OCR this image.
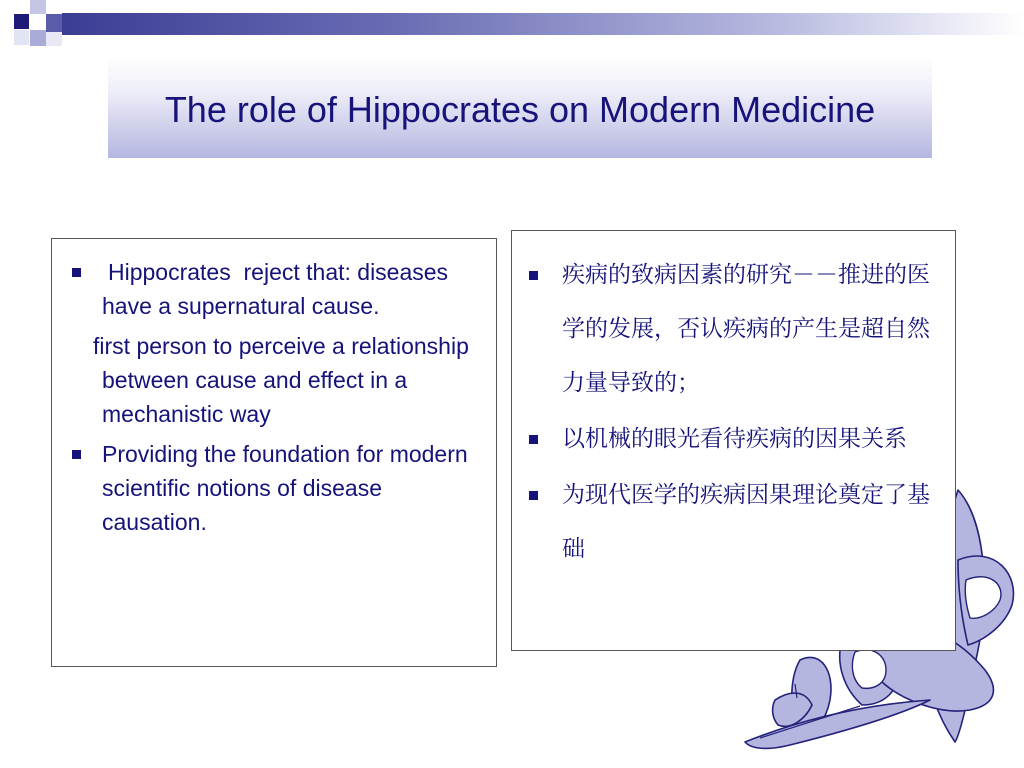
The role of Hippocrates on Modern Medicine
Hippocrates  reject that: diseases have a supernatural cause.
first person to perceive a relationship between cause and effect in a mechanistic way
Providing the foundation for modern scientific notions of disease causation.
疾病的致病因素的研究－－推进的医学的发展，否认疾病的产生是超自然力量导致的；
以机械的眼光看待疾病的因果关系
为现代医学的疾病因果理论奠定了基础
